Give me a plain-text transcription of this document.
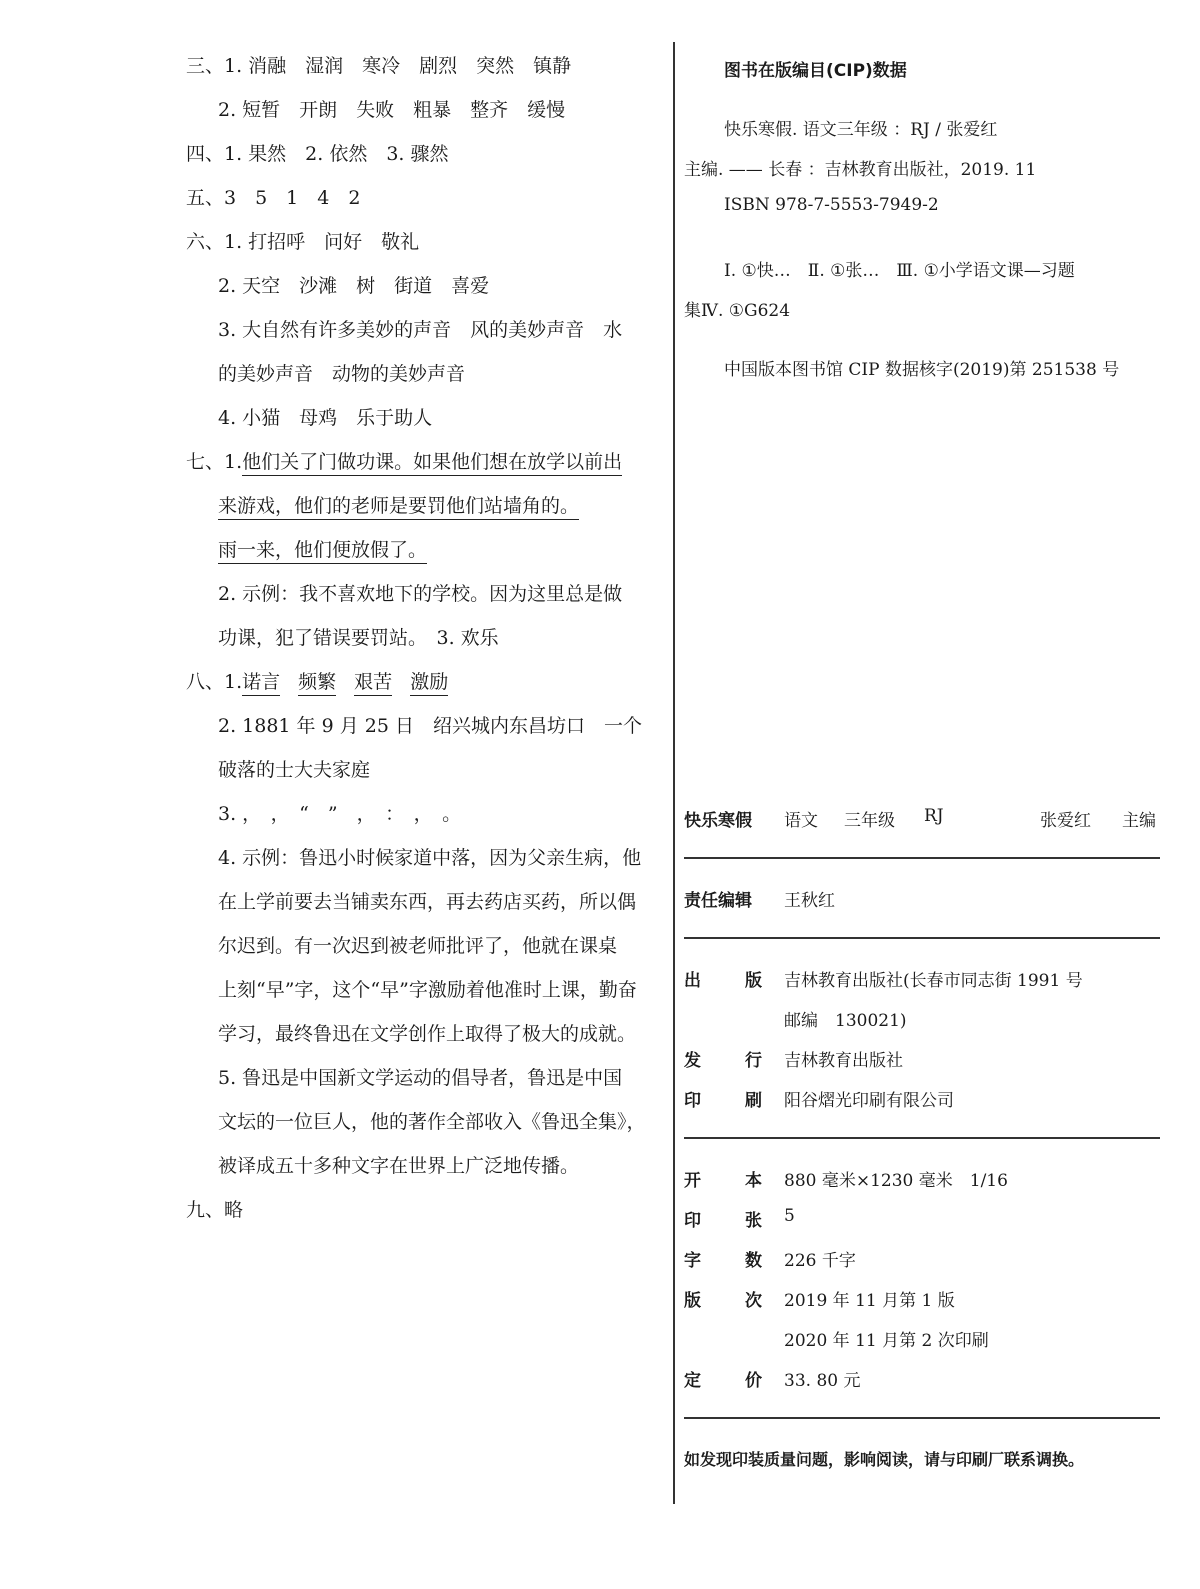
三、1. 消融　湿润　寒冷　剧烈　突然　镇静
2. 短暂　开朗　失败　粗暴　整齐　缓慢
四、1. 果然　2. 依然　3. 骤然
五、3　5　1　4　2
六、1. 打招呼　问好　敬礼
2. 天空　沙滩　树　街道　喜爱
3. 大自然有许多美妙的声音　风的美妙声音　水
的美妙声音　动物的美妙声音
4. 小猫　母鸡　乐于助人
七、1.他们关了门做功课。如果他们想在放学以前出
来游戏，他们的老师是要罚他们站墙角的。
雨一来，他们便放假了。
2. 示例：我不喜欢地下的学校。因为这里总是做
功课，犯了错误要罚站。　3. 欢乐
八、1.诺言 频繁 艰苦 激励
2. 1881 年 9 月 25 日　绍兴城内东昌坊口　一个
破落的士大夫家庭
3. ，　，　“　”　，　：　，　。
4. 示例：鲁迅小时候家道中落，因为父亲生病，他
在上学前要去当铺卖东西，再去药店买药，所以偶
尔迟到。有一次迟到被老师批评了，他就在课桌
上刻“早”字，这个“早”字激励着他准时上课，勤奋
学习，最终鲁迅在文学创作上取得了极大的成就。
5. 鲁迅是中国新文学运动的倡导者，鲁迅是中国
文坛的一位巨人，他的著作全部收入《鲁迅全集》，
被译成五十多种文字在世界上广泛地传播。
九、略
图书在版编目(CIP)数据
快乐寒假. 语文三年级 ：RJ / 张爱红
主编. —— 长春 ：吉林教育出版社，2019. 11
ISBN 978-7-5553-7949-2
Ⅰ. ①快…　Ⅱ. ①张…　Ⅲ. ①小学语文课—习题
集Ⅳ. ①G624
中国版本图书馆 CIP 数据核字(2019)第 251538 号
快乐寒假 语文 三年级 RJ	张爱红 主编
责任编辑 王秋红
出	版 吉林教育出版社(长春市同志街 1991 号
邮编　130021)
发	行 吉林教育出版社
印	刷 阳谷熠光印刷有限公司
开	本 880 毫米×1230 毫米　1/16
印	张 5
字	数 226 千字
版	次 2019 年 11 月第 1 版
2020 年 11 月第 2 次印刷
定	价 33. 80 元
如发现印装质量问题，影响阅读，请与印刷厂联系调换。
